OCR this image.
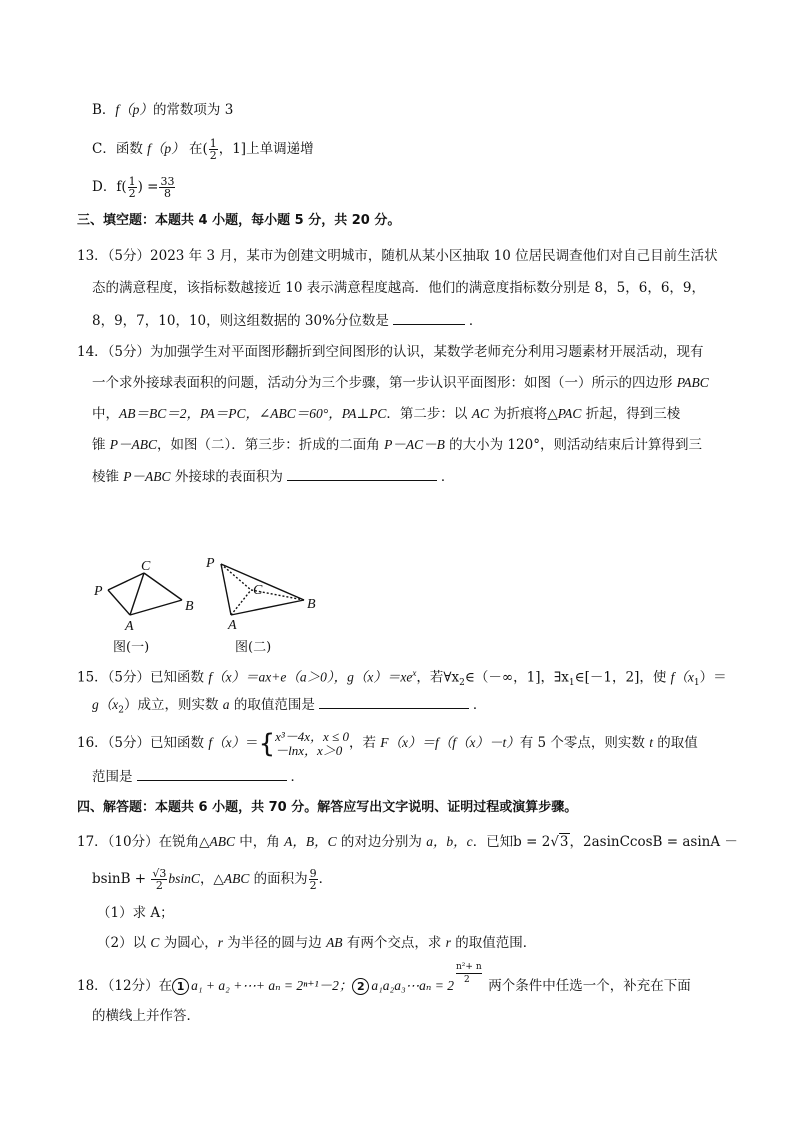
B．f（p）的常数项为 3
C．函数 f（p） 在( $\frac{1}{2}$ ，1]上单调递增
D．$f( \frac{1}{2}$ ) = $\frac{33}{8}$
三、填空题：本题共 4 小题，每小题 5 分，共 20 分。
13．（5分）2023 年 3 月，某市为创建文明城市，随机从某小区抽取 10 位居民调查他们对自己目前生活状
态的满意程度，该指标数越接近 10 表示满意程度越高．他们的满意度指标数分别是 8，5，6，6，9，
8，9，7，10，10，则这组数据的 30%分位数是	．
14．（5分）为加强学生对平面图形翻折到空间图形的认识，某数学老师充分利用习题素材开展活动，现有
一个求外接球表面积的问题，活动分为三个步骤，第一步认识平面图形：如图（一）所示的四边形 PABC
中，AB＝BC＝2，PA＝PC，∠ABC＝60°，PA⊥PC．第二步：以 AC 为折痕将△PAC 折起，得到三棱
锥 P－ABC，如图（二）．第三步：折成的二面角 P－AC－B 的大小为 120°，则活动结束后计算得到三
棱锥 P－ABC 外接球的表面积为	．
P
C
A
B
P
C
A
B
图(一)	图(二)
15．（5分）已知函数 f（x）＝ax+e（a＞0），$g(x)=xe^x$，若$\forall x_2\in(-\infty$，1]，$\exists x_1\in[-1$，2]，使 $f(x_1)=$
$g(x_2)$成立，则实数 a 的取值范围是	．
16．（5分）已知函数 f（x）＝{ x³－4x，x ≤ 0
－lnx，x＞0 ，若 F（x）＝f（f（x）－t）有 5 个零点，则实数 t 的取值
范围是	．
四、解答题：本题共 6 小题，共 70 分。解答应写出文字说明、证明过程或演算步骤。
17．（10分）在锐角△ABC 中，角 A，B，C 的对边分别为 a，b，c．已知b = 2√3，2asinCcosB = asinA －
$bsinB + \frac{√3}{2}$ bsinC，△ABC 的面积为 $\frac{9}{2}$ ．
（1）求 A；
（2）以 C 为圆心，r 为半径的圆与边 AB 有两个交点，求 r 的取值范围．
18．（12分）在 1 a₁ + a₂ +⋯+ aₙ = 2ⁿ⁺¹－2； 2 a₁a₂a₃⋯aₙ = $2 \frac{\text{n²+ n}}{2}$ 两个条件中任选一个，补充在下面
的横线上并作答．
